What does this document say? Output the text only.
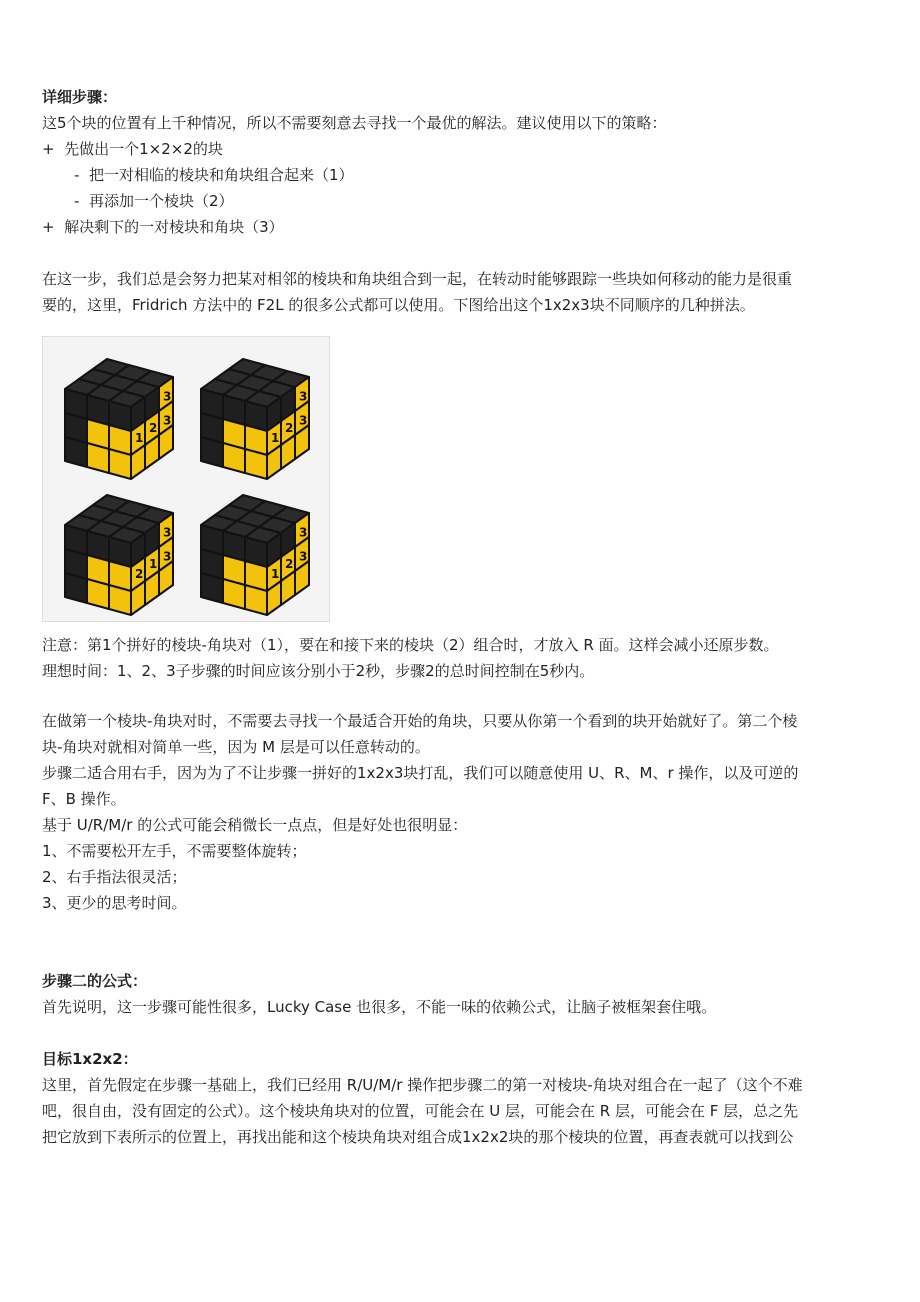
详细步骤：
这5个块的位置有上千种情况，所以不需要刻意去寻找一个最优的解法。建议使用以下的策略：
+ 先做出一个1×2×2的块
- 把一对相临的棱块和角块组合起来（1）
- 再添加一个棱块（2）
+ 解决剩下的一对棱块和角块（3）
在这一步，我们总是会努力把某对相邻的棱块和角块组合到一起，在转动时能够跟踪一些块如何移动的能力是很重
要的，这里，Fridrich 方法中的 F2L 的很多公式都可以使用。下图给出这个1x2x3块不同顺序的几种拼法。
1
2
3
3
1
2
3
3
2
1
3
3
1
2
3
3
注意：第1个拼好的棱块-角块对（1），要在和接下来的棱块（2）组合时，才放入 R 面。这样会减小还原步数。
理想时间：1、2、3子步骤的时间应该分别小于2秒，步骤2的总时间控制在5秒内。
在做第一个棱块-角块对时，不需要去寻找一个最适合开始的角块，只要从你第一个看到的块开始就好了。第二个棱
块-角块对就相对简单一些，因为 M 层是可以任意转动的。
步骤二适合用右手，因为为了不让步骤一拼好的1x2x3块打乱，我们可以随意使用 U、R、M、r 操作，以及可逆的
F、B 操作。
基于 U/R/M/r 的公式可能会稍微长一点点，但是好处也很明显：
1、不需要松开左手，不需要整体旋转；
2、右手指法很灵活；
3、更少的思考时间。
步骤二的公式：
首先说明，这一步骤可能性很多，Lucky Case 也很多，不能一味的依赖公式，让脑子被框架套住哦。
目标1x2x2：
这里，首先假定在步骤一基础上，我们已经用 R/U/M/r 操作把步骤二的第一对棱块-角块对组合在一起了（这个不难
吧，很自由，没有固定的公式）。这个棱块角块对的位置，可能会在 U 层，可能会在 R 层，可能会在 F 层，总之先
把它放到下表所示的位置上，再找出能和这个棱块角块对组合成1x2x2块的那个棱块的位置，再查表就可以找到公
